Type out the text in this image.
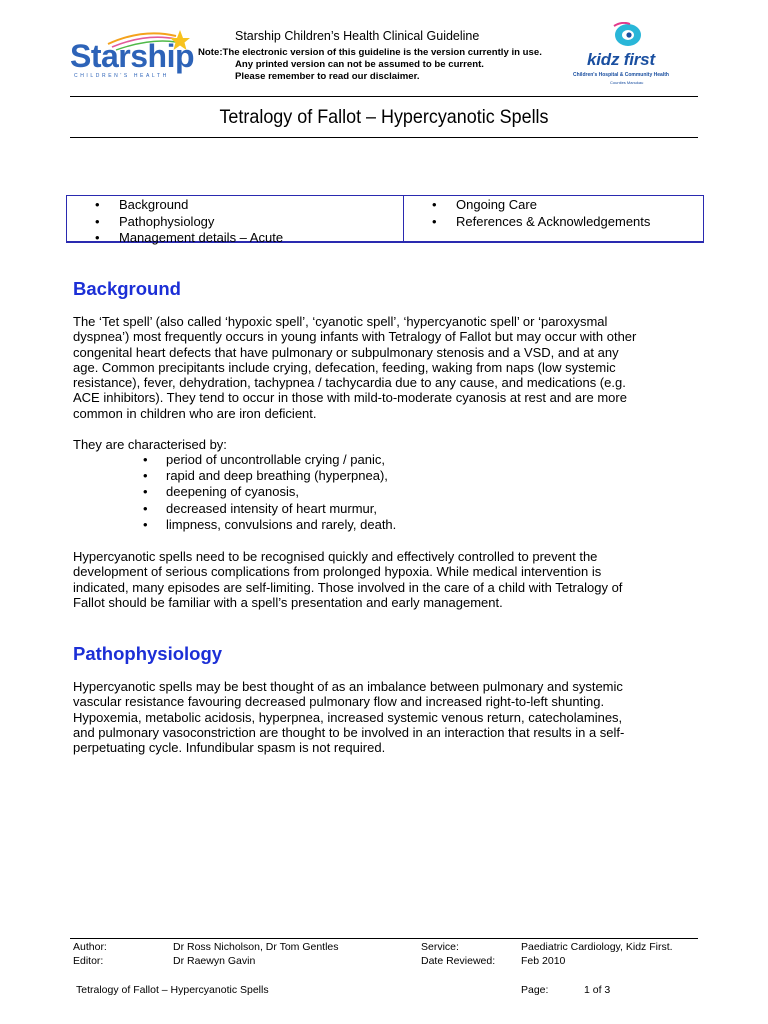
Starship
CHILDREN'S HEALTH
Starship Children’s Health Clinical Guideline
Note:The electronic version of this guideline is the version currently in use.
Any printed version can not be assumed to be current.
Please remember to read our disclaimer.
kidz first
Children's Hospital & Community Health
Counties Manukau
Tetralogy of Fallot – Hypercyanotic Spells
• Background
• Pathophysiology
• Management details – Acute
• Ongoing Care
• References & Acknowledgements
Background

The ‘Tet spell’ (also called ‘hypoxic spell’, ‘cyanotic spell’, ‘hypercyanotic spell’ or ‘paroxysmal
dyspnea’) most frequently occurs in young infants with Tetralogy of Fallot but may occur with other
congenital heart defects that have pulmonary or subpulmonary stenosis and a VSD, and at any
age. Common precipitants include crying, defecation, feeding, waking from naps (low systemic
resistance), fever, dehydration, tachypnea / tachycardia due to any cause, and medications (e.g.
ACE inhibitors). They tend to occur in those with mild-to-moderate cyanosis at rest and are more
common in children who are iron deficient.

They are characterised by:

• period of uncontrollable crying / panic,
• rapid and deep breathing (hyperpnea),
• deepening of cyanosis,
• decreased intensity of heart murmur,
• limpness, convulsions and rarely, death.

Hypercyanotic spells need to be recognised quickly and effectively controlled to prevent the
development of serious complications from prolonged hypoxia. While medical intervention is
indicated, many episodes are self-limiting. Those involved in the care of a child with Tetralogy of
Fallot should be familiar with a spell’s presentation and early management.

Pathophysiology

Hypercyanotic spells may be best thought of as an imbalance between pulmonary and systemic
vascular resistance favouring decreased pulmonary flow and increased right-to-left shunting.
Hypoxemia, metabolic acidosis, hyperpnea, increased systemic venous return, catecholamines,
and pulmonary vasoconstriction are thought to be involved in an interaction that results in a self-
perpetuating cycle. Infundibular spasm is not required.

Author:	Dr Ross Nicholson, Dr Tom Gentles	Service:	Paediatric Cardiology, Kidz First.
Editor:	Dr Raewyn Gavin	Date Reviewed: Feb 2010
Tetralogy of Fallot – Hypercyanotic Spells	Page:	1 of 3
